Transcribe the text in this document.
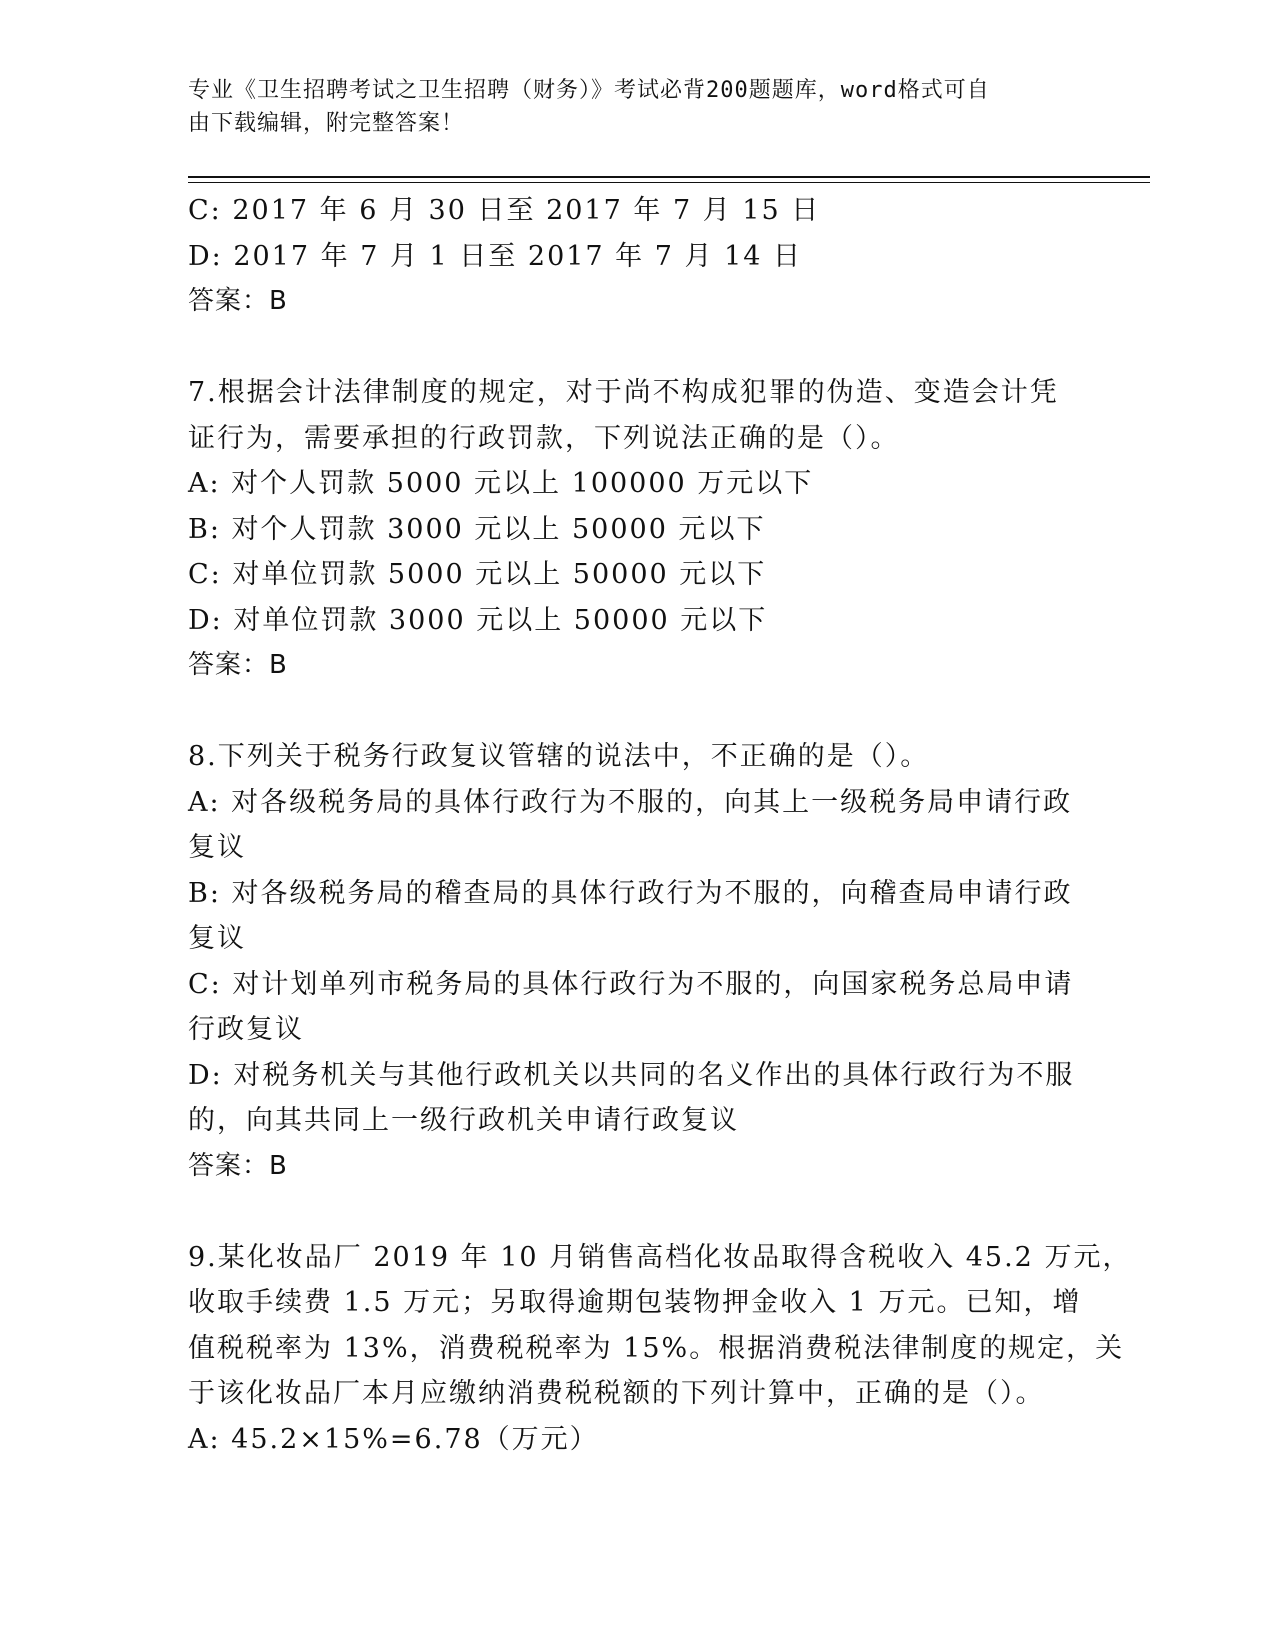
专业《卫生招聘考试之卫生招聘（财务）》考试必背200题题库，word格式可自
由下载编辑，附完整答案！

C: 2017 年 6 月 30 日至 2017 年 7 月 15 日

D: 2017 年 7 月 1 日至 2017 年 7 月 14 日

答案：B

7.根据会计法律制度的规定，对于尚不构成犯罪的伪造、变造会计凭

证行为，需要承担的行政罚款，下列说法正确的是（）。

A: 对个人罚款 5000 元以上 100000 万元以下

B: 对个人罚款 3000 元以上 50000 元以下

C: 对单位罚款 5000 元以上 50000 元以下

D: 对单位罚款 3000 元以上 50000 元以下

答案：B

8.下列关于税务行政复议管辖的说法中，不正确的是（）。

A: 对各级税务局的具体行政行为不服的，向其上一级税务局申请行政

复议

B: 对各级税务局的稽查局的具体行政行为不服的，向稽查局申请行政

复议

C: 对计划单列市税务局的具体行政行为不服的，向国家税务总局申请

行政复议

D: 对税务机关与其他行政机关以共同的名义作出的具体行政行为不服

的，向其共同上一级行政机关申请行政复议

答案：B

9.某化妆品厂 2019 年 10 月销售高档化妆品取得含税收入 45.2 万元，

收取手续费 1.5 万元；另取得逾期包装物押金收入 1 万元。已知，增

值税税率为 13%，消费税税率为 15%。根据消费税法律制度的规定，关

于该化妆品厂本月应缴纳消费税税额的下列计算中，正确的是（）。

A: 45.2×15%=6.78（万元）
